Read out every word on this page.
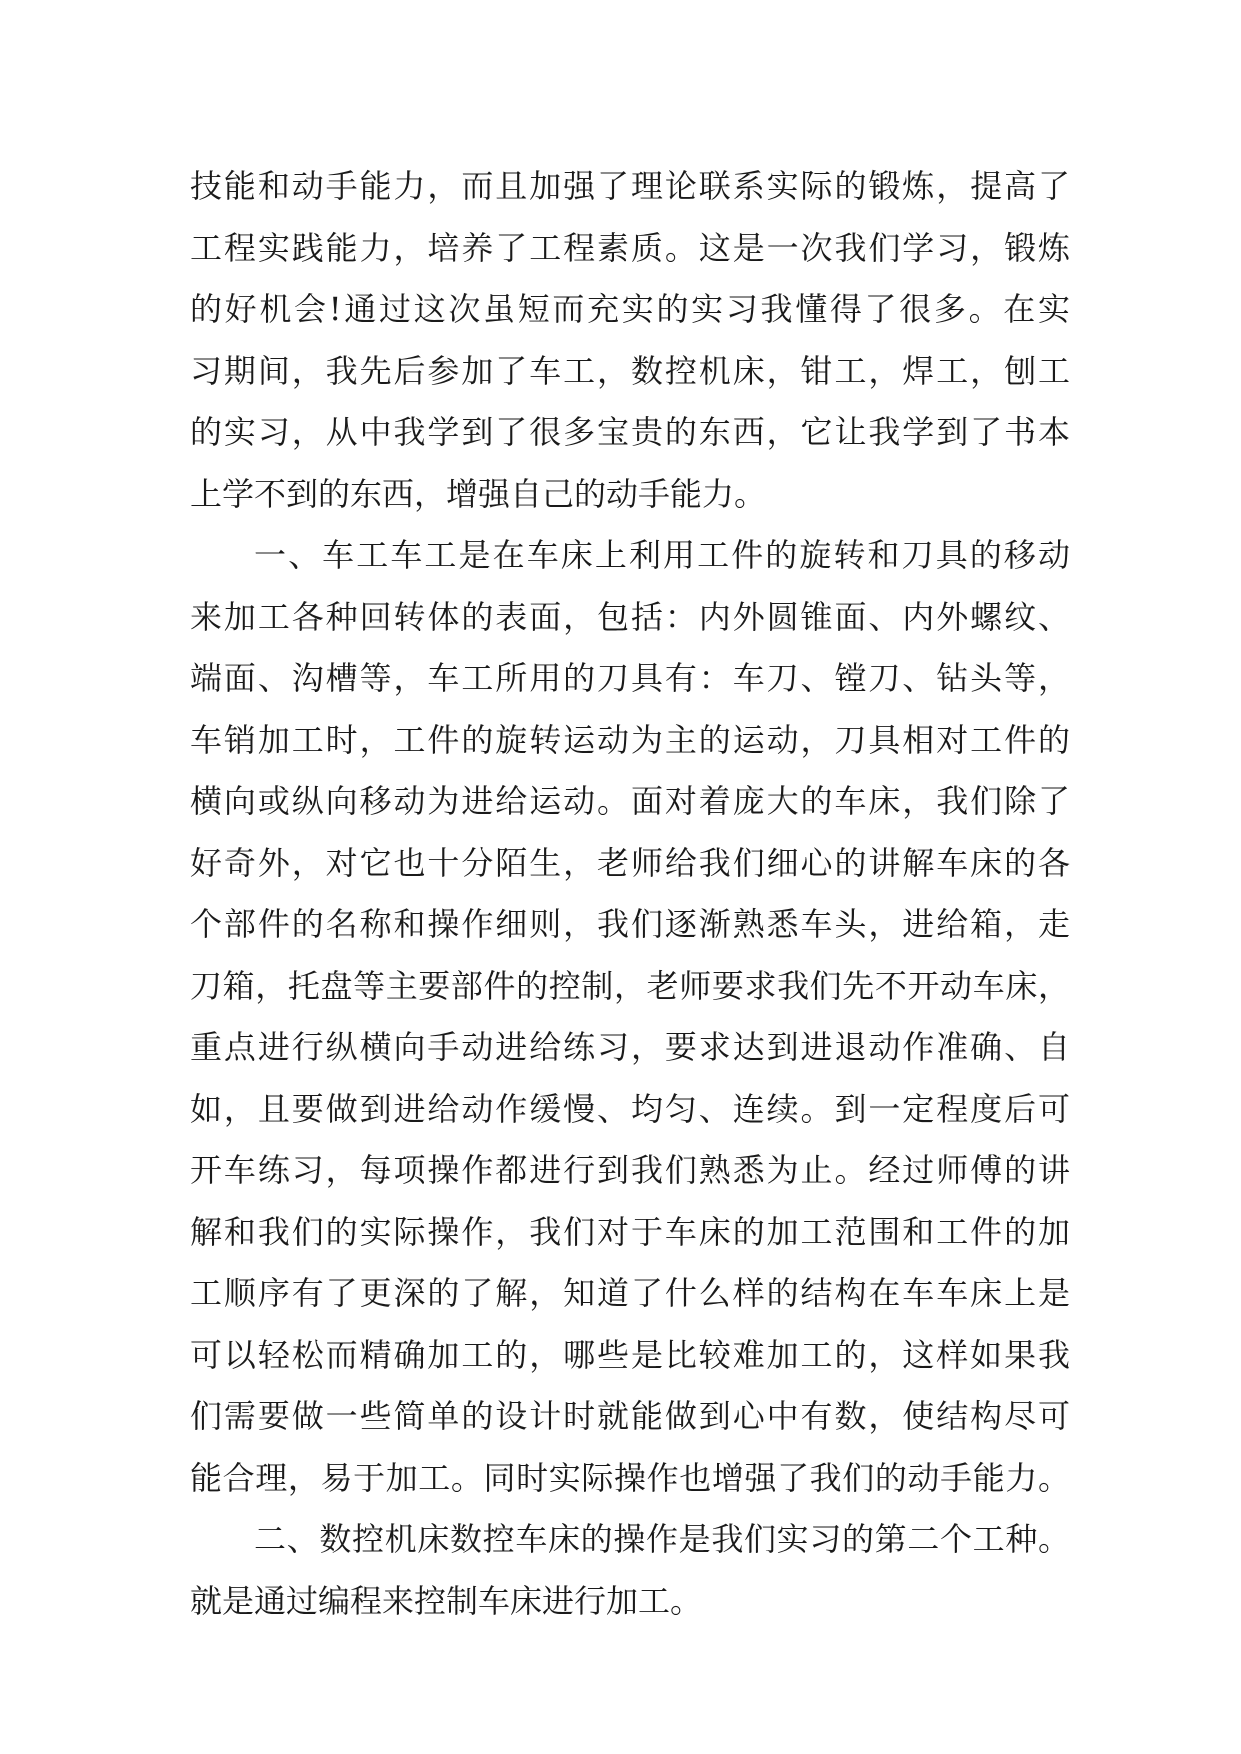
技能和动手能力，而且加强了理论联系实际的锻炼，提高了
工程实践能力，培养了工程素质。这是一次我们学习，锻炼
的好机会!通过这次虽短而充实的实习我懂得了很多。在实
习期间，我先后参加了车工，数控机床，钳工，焊工，刨工
的实习，从中我学到了很多宝贵的东西，它让我学到了书本
上学不到的东西，增强自己的动手能力。
一、车工车工是在车床上利用工件的旋转和刀具的移动
来加工各种回转体的表面，包括：内外圆锥面、内外螺纹、
端面、沟槽等，车工所用的刀具有：车刀、镗刀、钻头等，
车销加工时，工件的旋转运动为主的运动，刀具相对工件的
横向或纵向移动为进给运动。面对着庞大的车床，我们除了
好奇外，对它也十分陌生，老师给我们细心的讲解车床的各
个部件的名称和操作细则，我们逐渐熟悉车头，进给箱，走
刀箱，托盘等主要部件的控制，老师要求我们先不开动车床，
重点进行纵横向手动进给练习，要求达到进退动作准确、自
如，且要做到进给动作缓慢、均匀、连续。到一定程度后可
开车练习，每项操作都进行到我们熟悉为止。经过师傅的讲
解和我们的实际操作，我们对于车床的加工范围和工件的加
工顺序有了更深的了解，知道了什么样的结构在车车床上是
可以轻松而精确加工的，哪些是比较难加工的，这样如果我
们需要做一些简单的设计时就能做到心中有数，使结构尽可
能合理，易于加工。同时实际操作也增强了我们的动手能力。
二、数控机床数控车床的操作是我们实习的第二个工种。
就是通过编程来控制车床进行加工。
